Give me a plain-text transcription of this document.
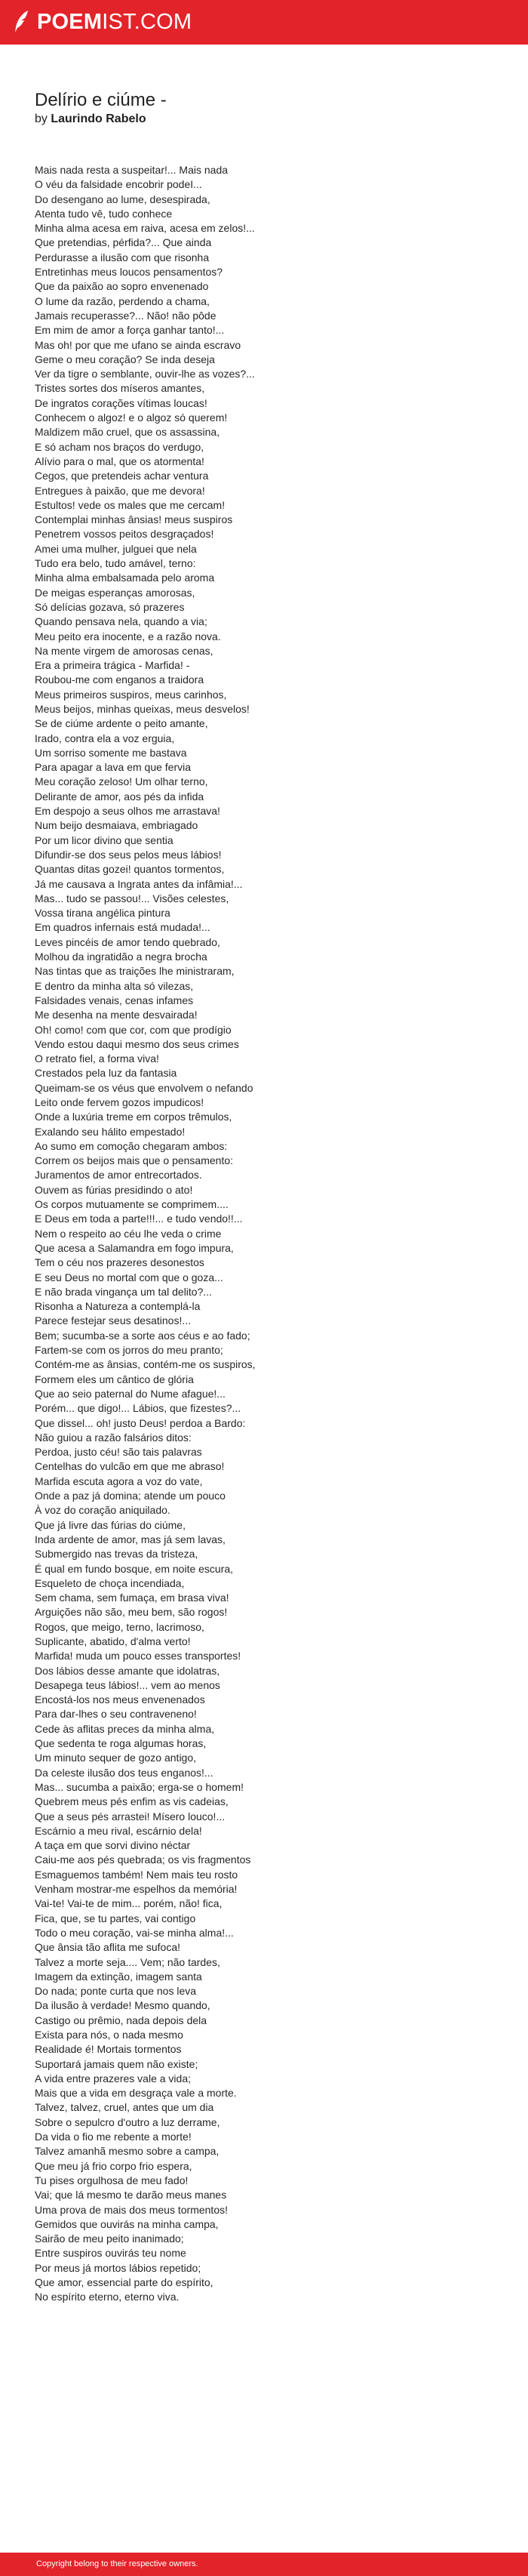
POEMIST.COM
Delírio e ciúme -
by Laurindo Rabelo
Mais nada resta a suspeitar!... Mais nada
O véu da falsidade encobrir podeI...
Do desengano ao lume, desespirada,
Atenta tudo vê, tudo conhece
Minha alma acesa em raiva, acesa em zelos!...
Que pretendias, pérfida?... Que ainda
Perdurasse a ilusão com que risonha
Entretinhas meus loucos pensamentos?
Que da paixão ao sopro envenenado
O lume da razão, perdendo a chama,
Jamais recuperasse?... Não! não pôde
Em mim de amor a força ganhar tanto!...
Mas oh! por que me ufano se ainda escravo
Geme o meu coração? Se inda deseja
Ver da tigre o semblante, ouvir-lhe as vozes?...
Tristes sortes dos míseros amantes,
De ingratos corações vítimas loucas!
Conhecem o algoz! e o algoz só querem!
Maldizem mão cruel, que os assassina,
E só acham nos braços do verdugo,
Alívio para o mal, que os atormenta!
Cegos, que pretendeis achar ventura
Entregues à paixão, que me devora!
Estultos! vede os males que me cercam!
Contemplai minhas ânsias! meus suspiros
Penetrem vossos peitos desgraçados!
Amei uma mulher, julguei que nela
Tudo era belo, tudo amável, terno:
Minha alma embalsamada pelo aroma
De meigas esperanças amorosas,
Só delícias gozava, só prazeres
Quando pensava nela, quando a via;
Meu peito era inocente, e a razão nova.
Na mente virgem de amorosas cenas,
Era a primeira trágica - Marfida! -
Roubou-me com enganos a traidora
Meus primeiros suspiros, meus carinhos,
Meus beijos, minhas queixas, meus desvelos!
Se de ciúme ardente o peito amante,
Irado, contra ela a voz erguia,
Um sorriso somente me bastava
Para apagar a lava em que fervia
Meu coração zeloso! Um olhar terno,
Delirante de amor, aos pés da infida
Em despojo a seus olhos me arrastava!
Num beijo desmaiava, embriagado
Por um licor divino que sentia
Difundir-se dos seus pelos meus lábios!
Quantas ditas gozei! quantos tormentos,
Já me causava a Ingrata antes da infâmia!...
Mas... tudo se passou!... Visões celestes,
Vossa tirana angélica pintura
Em quadros infernais está mudada!...
Leves pincéis de amor tendo quebrado,
Molhou da ingratidão a negra brocha
Nas tintas que as traições lhe ministraram,
E dentro da minha alta só vilezas,
Falsidades venais, cenas infames
Me desenha na mente desvairada!
Oh! como! com que cor, com que prodígio
Vendo estou daqui mesmo dos seus crimes
O retrato fiel, a forma viva!
Crestados pela luz da fantasia
Queimam-se os véus que envolvem o nefando
Leito onde fervem gozos impudicos!
Onde a luxúria treme em corpos trêmulos,
Exalando seu hálito empestado!
Ao sumo em comoção chegaram ambos:
Correm os beijos mais que o pensamento:
Juramentos de amor entrecortados.
Ouvem as fúrias presidindo o ato!
Os corpos mutuamente se comprimem....
E Deus em toda a parte!!!... e tudo vendo!!...
Nem o respeito ao céu lhe veda o crime
Que acesa a Salamandra em fogo impura,
Tem o céu nos prazeres desonestos
E seu Deus no mortal com que o goza...
E não brada vingança um tal delito?...
Risonha a Natureza a contemplá-la
Parece festejar seus desatinos!...
Bem; sucumba-se a sorte aos céus e ao fado;
Fartem-se com os jorros do meu pranto;
Contém-me as ânsias, contém-me os suspiros,
Formem eles um cântico de glória
Que ao seio paternal do Nume afague!...
Porém... que digo!... Lábios, que fizestes?...
Que dissel... oh! justo Deus! perdoa a Bardo:
Não guiou a razão falsários ditos:
Perdoa, justo céu! são tais palavras
Centelhas do vulcão em que me abraso!
Marfida escuta agora a voz do vate,
Onde a paz já domina; atende um pouco
À voz do coração aniquilado.
Que já livre das fúrias do ciúme,
Inda ardente de amor, mas já sem lavas,
Submergido nas trevas da tristeza,
É qual em fundo bosque, em noite escura,
Esqueleto de choça incendiada,
Sem chama, sem fumaça, em brasa viva!
Arguições não são, meu bem, são rogos!
Rogos, que meigo, terno, lacrimoso,
Suplicante, abatido, d'alma verto!
Marfida! muda um pouco esses transportes!
Dos lábios desse amante que idolatras,
Desapega teus lábios!... vem ao menos
Encostá-los nos meus envenenados
Para dar-lhes o seu contraveneno!
Cede às aflitas preces da minha alma,
Que sedenta te roga algumas horas,
Um minuto sequer de gozo antigo,
Da celeste ilusão dos teus enganos!...
Mas... sucumba a paixão; erga-se o homem!
Quebrem meus pés enfim as vis cadeias,
Que a seus pés arrastei! Mísero louco!...
Escárnio a meu rival, escárnio dela!
A taça em que sorvi divino néctar
Caiu-me aos pés quebrada; os vis fragmentos
Esmaguemos também! Nem mais teu rosto
Venham mostrar-me espelhos da memória!
Vai-te! Vai-te de mim... porém, não! fica,
Fica, que, se tu partes, vai contigo
Todo o meu coração, vai-se minha alma!...
Que ânsia tão aflita me sufoca!
Talvez a morte seja.... Vem; não tardes,
Imagem da extinção, imagem santa
Do nada; ponte curta que nos leva
Da ilusão à verdade! Mesmo quando,
Castigo ou prêmio, nada depois dela
Exista para nós, o nada mesmo
Realidade é! Mortais tormentos
Suportará jamais quem não existe;
A vida entre prazeres vale a vida;
Mais que a vida em desgraça vale a morte.
Talvez, talvez, cruel, antes que um dia
Sobre o sepulcro d'outro a luz derrame,
Da vida o fio me rebente a morte!
Talvez amanhã mesmo sobre a campa,
Que meu já frio corpo frio espera,
Tu pises orgulhosa de meu fado!
Vai; que lá mesmo te darão meus manes
Uma prova de mais dos meus tormentos!
Gemidos que ouvirás na minha campa,
Sairão de meu peito inanimado;
Entre suspiros ouvirás teu nome
Por meus já mortos lábios repetido;
Que amor, essencial parte do espírito,
No espírito eterno, eterno viva.
Copyright belong to their respective owners.
